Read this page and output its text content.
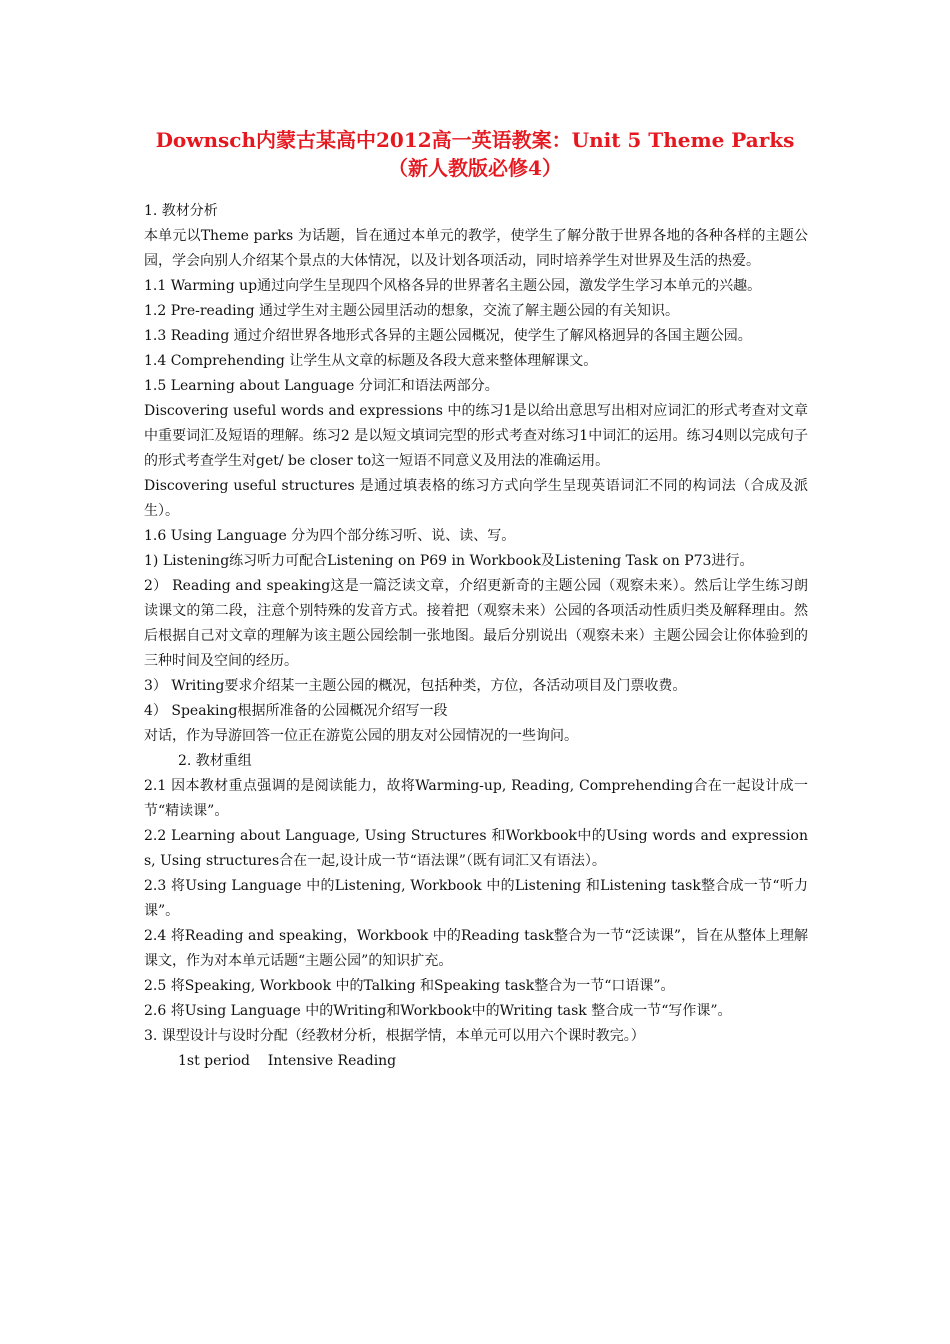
Downsch内蒙古某高中2012高一英语教案：Unit 5 Theme Parks
（新人教版必修4）

1. 教材分析

本单元以Theme parks 为话题，旨在通过本单元的教学，使学生了解分散于世界各地的各种各样的主题公园，学会向别人介绍某个景点的大体情况，以及计划各项活动，同时培养学生对世界及生活的热爱。

1.1 Warming up通过向学生呈现四个风格各异的世界著名主题公园，激发学生学习本单元的兴趣。

1.2 Pre-reading 通过学生对主题公园里活动的想象，交流了解主题公园的有关知识。

1.3 Reading 通过介绍世界各地形式各异的主题公园概况，使学生了解风格迥异的各国主题公园。

1.4 Comprehending 让学生从文章的标题及各段大意来整体理解课文。

1.5 Learning about Language 分词汇和语法两部分。

Discovering useful words and expressions 中的练习1是以给出意思写出相对应词汇的形式考查对文章中重要词汇及短语的理解。练习2 是以短文填词完型的形式考查对练习1中词汇的运用。练习4则以完成句子的形式考查学生对get/ be closer to这一短语不同意义及用法的准确运用。

Discovering useful structures 是通过填表格的练习方式向学生呈现英语词汇不同的构词法（合成及派生）。

1.6 Using Language 分为四个部分练习听、说、读、写。

1) Listening练习听力可配合Listening on P69 in Workbook及Listening Task on P73进行。

2） Reading and speaking这是一篇泛读文章，介绍更新奇的主题公园（观察未来）。然后让学生练习朗读课文的第二段，注意个别特殊的发音方式。接着把（观察未来）公园的各项活动性质归类及解释理由。然后根据自己对文章的理解为该主题公园绘制一张地图。最后分别说出（观察未来）主题公园会让你体验到的三种时间及空间的经历。

3） Writing要求介绍某一主题公园的概况，包括种类，方位，各活动项目及门票收费。

4） Speaking根据所准备的公园概况介绍写一段

对话，作为导游回答一位正在游览公园的朋友对公园情况的一些询问。

2. 教材重组

2.1 因本教材重点强调的是阅读能力，故将Warming-up, Reading, Comprehending合在一起设计成一节“精读课”。

2.2 Learning about Language, Using Structures 和Workbook中的Using words and expressions, Using structures合在一起,设计成一节“语法课”（既有词汇又有语法）。

2.3 将Using Language 中的Listening, Workbook 中的Listening 和Listening task整合成一节“听力课”。

2.4 将Reading and speaking，Workbook 中的Reading task整合为一节“泛读课”，旨在从整体上理解课文，作为对本单元话题“主题公园”的知识扩充。

2.5 将Speaking, Workbook 中的Talking 和Speaking task整合为一节“口语课”。

2.6 将Using Language 中的Writing和Workbook中的Writing task 整合成一节“写作课”。

3. 课型设计与设时分配（经教材分析，根据学情，本单元可以用六个课时教完。）

1st period    Intensive Reading
